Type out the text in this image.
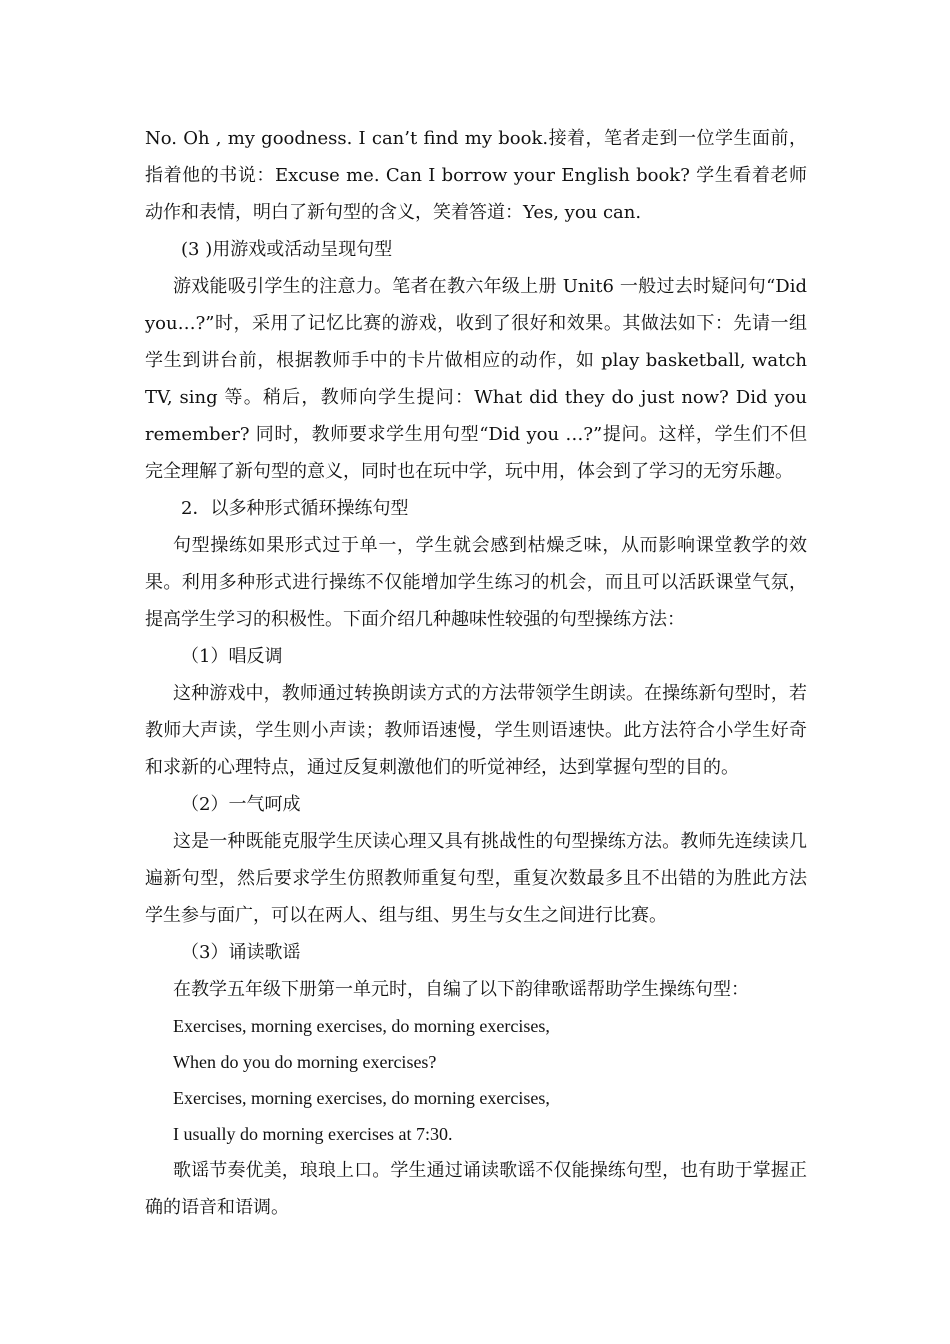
No. Oh , my goodness. I can’t find my book.接着，笔者走到一位学生面前，指着他的书说：Excuse me. Can I borrow your English book? 学生看着老师动作和表情，明白了新句型的含义，笑着答道：Yes, you can.

(3 )用游戏或活动呈现句型

游戏能吸引学生的注意力。笔者在教六年级上册 Unit6 一般过去时疑问句“Did you…?”时，采用了记忆比赛的游戏，收到了很好和效果。其做法如下：先请一组学生到讲台前，根据教师手中的卡片做相应的动作，如 play basketball, watch TV, sing 等。稍后，教师向学生提问：What did they do just now? Did you remember? 同时，教师要求学生用句型“Did you …?”提问。这样，学生们不但完全理解了新句型的意义，同时也在玩中学，玩中用，体会到了学习的无穷乐趣。

2．以多种形式循环操练句型

句型操练如果形式过于单一，学生就会感到枯燥乏味，从而影响课堂教学的效果。利用多种形式进行操练不仅能增加学生练习的机会，而且可以活跃课堂气氛，提高学生学习的积极性。下面介绍几种趣味性较强的句型操练方法：

（1）唱反调

这种游戏中，教师通过转换朗读方式的方法带领学生朗读。在操练新句型时，若教师大声读，学生则小声读；教师语速慢，学生则语速快。此方法符合小学生好奇和求新的心理特点，通过反复刺激他们的听觉神经，达到掌握句型的目的。

（2）一气呵成

这是一种既能克服学生厌读心理又具有挑战性的句型操练方法。教师先连续读几遍新句型，然后要求学生仿照教师重复句型，重复次数最多且不出错的为胜此方法学生参与面广，可以在两人、组与组、男生与女生之间进行比赛。

（3）诵读歌谣

在教学五年级下册第一单元时，自编了以下韵律歌谣帮助学生操练句型：

Exercises, morning exercises, do morning exercises,

When do you do morning exercises?

Exercises, morning exercises, do morning exercises,

I usually do morning exercises at 7:30.

歌谣节奏优美，琅琅上口。学生通过诵读歌谣不仅能操练句型，也有助于掌握正确的语音和语调。
